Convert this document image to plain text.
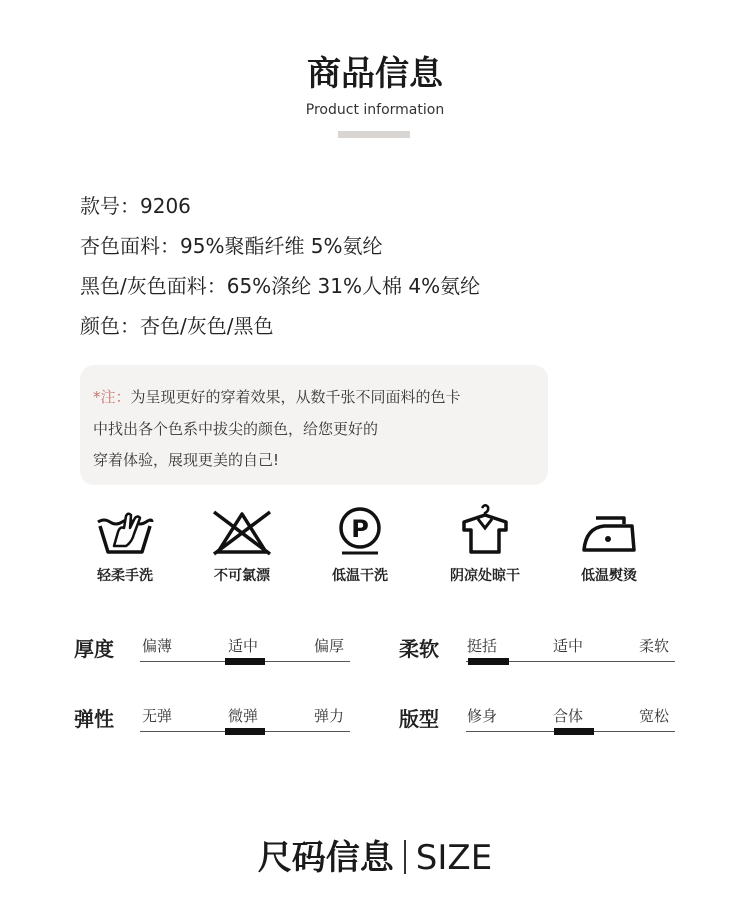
商品信息
Product information
款号：9206
杏色面料：95%聚酯纤维 5%氨纶
黑色/灰色面料：65%涤纶 31%人棉 4%氨纶
颜色：杏色/灰色/黑色
*注：为呈现更好的穿着效果，从数千张不同面料的色卡
中找出各个色系中拔尖的颜色，给您更好的
穿着体验，展现更美的自己!
P
轻柔手洗	不可氯漂	低温干洗	阴凉处晾干	低温熨烫
厚度 偏薄	适中	偏厚	柔软 挺括	适中	柔软
弹性 无弹	微弹	弹力	版型 修身	合体	宽松
尺码信息 SIZE
